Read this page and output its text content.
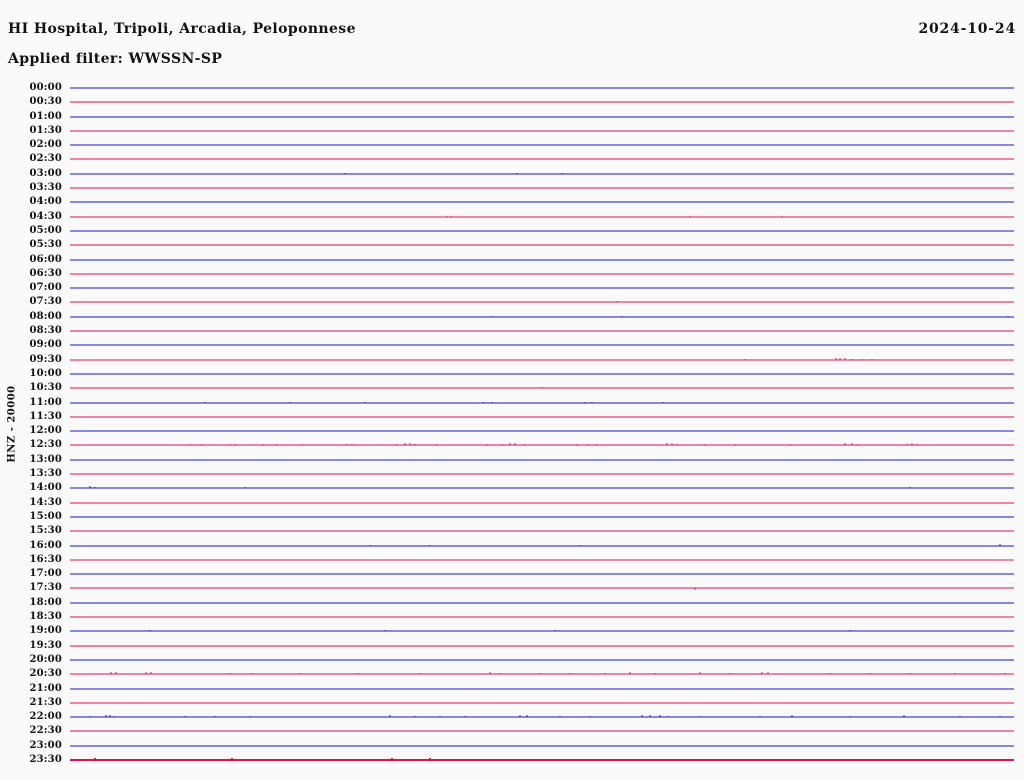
HI Hospital, Tripoli, Arcadia, Peloponnese	2024-10-24
Applied filter: WWSSN-SP
HNZ - 20000
00:00
00:30
01:00
01:30
02:00
02:30
03:00
03:30
04:00
04:30
05:00
05:30
06:00
06:30
07:00
07:30
08:00
08:30
09:00
09:30
10:00
10:30
11:00
11:30
12:00
12:30
13:00
13:30
14:00
14:30
15:00
15:30
16:00
16:30
17:00
17:30
18:00
18:30
19:00
19:30
20:00
20:30
21:00
21:30
22:00
22:30
23:00
23:30
